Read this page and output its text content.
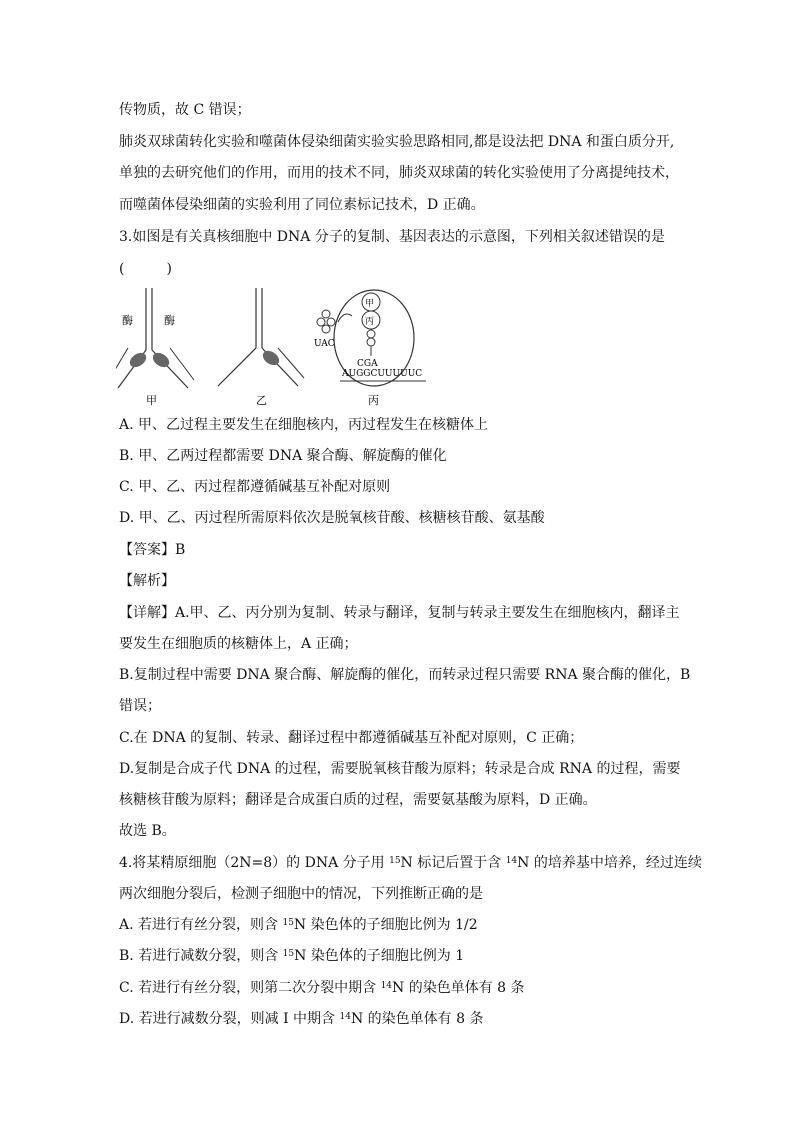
传物质，故 C 错误；
肺炎双球菌转化实验和噬菌体侵染细菌实验实验思路相同,都是设法把 DNA 和蛋白质分开,
单独的去研究他们的作用，而用的技术不同，肺炎双球菌的转化实验使用了分离提纯技术，
而噬菌体侵染细菌的实验利用了同位素标记技术，D 正确。
3.如图是有关真核细胞中 DNA 分子的复制、基因表达的示意图，下列相关叙述错误的是
(　　　)
酶	酶
甲	乙
甲
丙
CGA
AUGGCUUUUUC
UAC
丙
A. 甲、乙过程主要发生在细胞核内，丙过程发生在核糖体上
B. 甲、乙两过程都需要 DNA 聚合酶、解旋酶的催化
C. 甲、乙、丙过程都遵循碱基互补配对原则
D. 甲、乙、丙过程所需原料依次是脱氧核苷酸、核糖核苷酸、氨基酸
【答案】B
【解析】
【详解】A.甲、乙、丙分别为复制、转录与翻译，复制与转录主要发生在细胞核内，翻译主
要发生在细胞质的核糖体上，A 正确；
B.复制过程中需要 DNA 聚合酶、解旋酶的催化，而转录过程只需要 RNA 聚合酶的催化，B
错误；
C.在 DNA 的复制、转录、翻译过程中都遵循碱基互补配对原则，C 正确；
D.复制是合成子代 DNA 的过程，需要脱氧核苷酸为原料；转录是合成 RNA 的过程，需要
核糖核苷酸为原料；翻译是合成蛋白质的过程，需要氨基酸为原料，D 正确。
故选 B。
4.将某精原细胞（2N=8）的 DNA 分子用 $^{15}$N 标记后置于含 $^{14}$N 的培养基中培养，经过连续
两次细胞分裂后，检测子细胞中的情况，下列推断正确的是
A. 若进行有丝分裂，则含 $^{15}$N 染色体的子细胞比例为 1/2
B. 若进行减数分裂，则含 $^{15}$N 染色体的子细胞比例为 1
C. 若进行有丝分裂，则第二次分裂中期含 $^{14}$N 的染色单体有 8 条
D. 若进行减数分裂，则减 I 中期含 $^{14}$N 的染色单体有 8 条
